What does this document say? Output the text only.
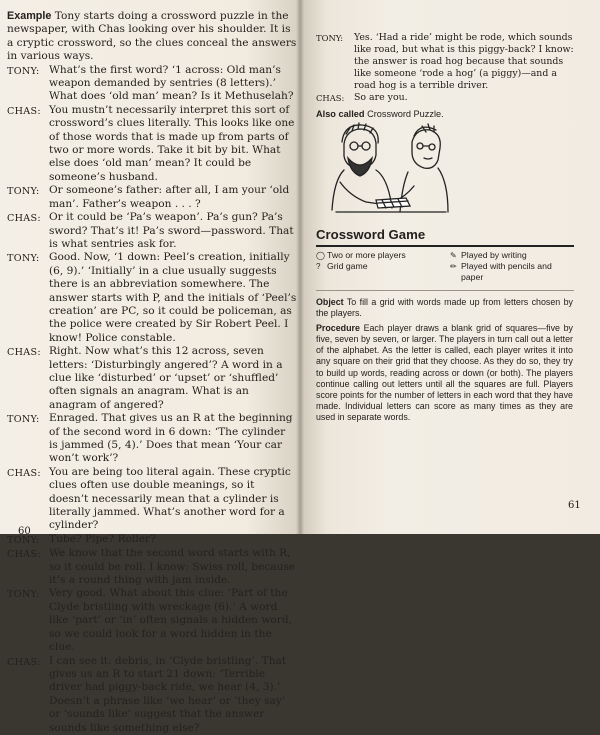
Example Tony starts doing a crossword puzzle in the newspaper, with Chas looking over his shoulder. It is a cryptic crossword, so the clues conceal the answers in various ways.

TONY: What’s the first word? ‘1 across: Old man’s weapon demanded by sentries (8 letters).’ What does ‘old man’ mean? Is it Methuselah?
CHAS: You mustn’t necessarily interpret this sort of crossword’s clues literally. This looks like one of those words that is made up from parts of two or more words. Take it bit by bit. What else does ‘old man’ mean? It could be someone’s husband.
TONY: Or someone’s father: after all, I am your ‘old man’. Father’s weapon . . . ?
CHAS: Or it could be ‘Pa’s weapon’. Pa’s gun? Pa’s sword? That’s it! Pa’s sword—password. That is what sentries ask for.
TONY: Good. Now, ‘1 down: Peel’s creation, initially (6, 9).’ ‘Initially’ in a clue usually suggests there is an abbreviation somewhere. The answer starts with P, and the initials of ‘Peel’s creation’ are PC, so it could be policeman, as the police were created by Sir Robert Peel. I know! Police constable.
CHAS: Right. Now what’s this 12 across, seven letters: ‘Disturbingly angered’? A word in a clue like ‘disturbed’ or ‘upset’ or ‘shuffled’ often signals an anagram. What is an anagram of angered?
TONY: Enraged. That gives us an R at the beginning of the second word in 6 down: ‘The cylinder is jammed (5, 4).’ Does that mean ‘Your car won’t work’?
CHAS: You are being too literal again. These cryptic clues often use double meanings, so it doesn’t necessarily mean that a cylinder is literally jammed. What’s another word for a cylinder?
TONY: Tube? Pipe? Roller?
CHAS: We know that the second word starts with R, so it could be roll. I know: Swiss roll, because it’s a round thing with jam inside.
TONY: Very good. What about this clue: ‘Part of the Clyde bristling with wreckage (6).’ A word like ‘part’ or ‘in’ often signals a hidden word, so we could look for a word hidden in the clue.
CHAS: I can see it: debris, in ‘Clyde bristling’. That gives us an R to start 21 down: ‘Terrible driver had piggy-back ride, we hear (4, 3).’ Doesn’t a phrase like ‘we hear’ or ‘they say’ or ‘sounds like’ suggest that the answer sounds like something else?
60
TONY:	Yes. ‘Had a ride’ might be rode, which sounds like road, but what is this piggy-back? I know: the answer is road hog because that sounds like someone ‘rode a hog’ (a piggy)—and a road hog is a terrible driver.
CHAS:	So are you.
Also called Crossword Puzzle.
Crossword Game
◯ Two or more players
? Grid game
✎ Played by writing
✏ Played with pencils and paper

Object To fill a grid with words made up from letters chosen by the players.

Procedure Each player draws a blank grid of squares—five by five, seven by seven, or larger. The players in turn call out a letter of the alphabet. As the letter is called, each player writes it into any square on their grid that they choose. As they do so, they try to build up words, reading across or down (or both). The players continue calling out letters until all the squares are full. Players score points for the number of letters in each word that they have made. Individual letters can score as many times as they are used in separate words.

61
